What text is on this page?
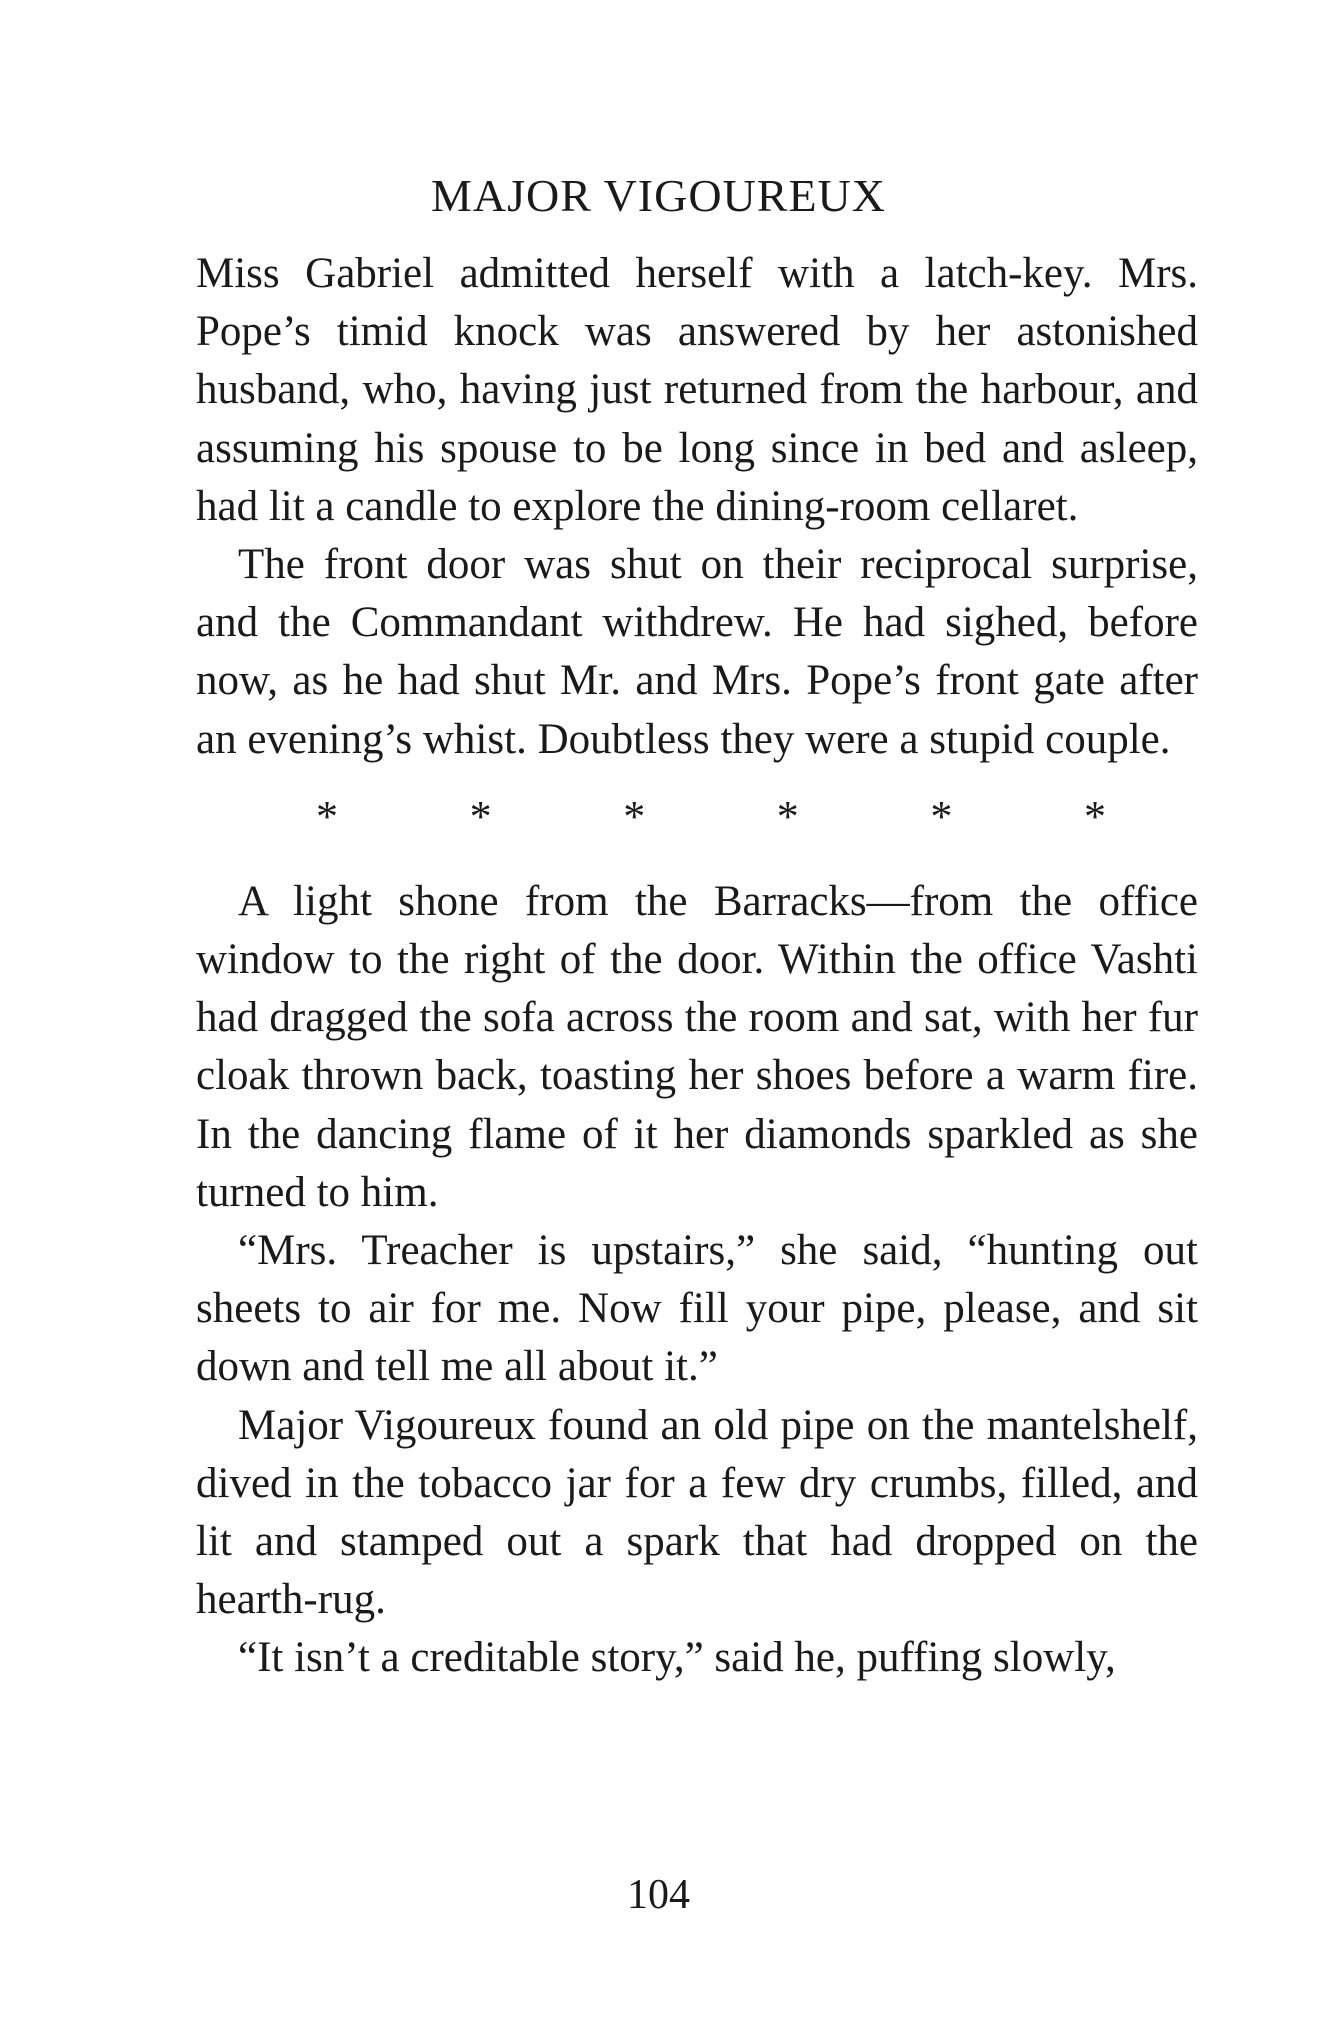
MAJOR VIGOUREUX

Miss Gabriel admitted herself with a latch-key. Mrs. Pope’s timid knock was answered by her astonished husband, who, having just returned from the harbour, and assuming his spouse to be long since in bed and asleep, had lit a candle to explore the dining-room cellaret.

The front door was shut on their reciprocal surprise, and the Commandant withdrew. He had sighed, before now, as he had shut Mr. and Mrs. Pope’s front gate after an evening’s whist. Doubtless they were a stupid couple.

*	*	*	*	*	*

A light shone from the Barracks—from the office window to the right of the door. Within the office Vashti had dragged the sofa across the room and sat, with her fur cloak thrown back, toasting her shoes before a warm fire. In the dancing flame of it her diamonds sparkled as she turned to him.

“Mrs. Treacher is upstairs,” she said, “hunting out sheets to air for me. Now fill your pipe, please, and sit down and tell me all about it.”

Major Vigoureux found an old pipe on the mantelshelf, dived in the tobacco jar for a few dry crumbs, filled, and lit and stamped out a spark that had dropped on the hearth-rug.

“It isn’t a creditable story,” said he, puffing slowly,

104
